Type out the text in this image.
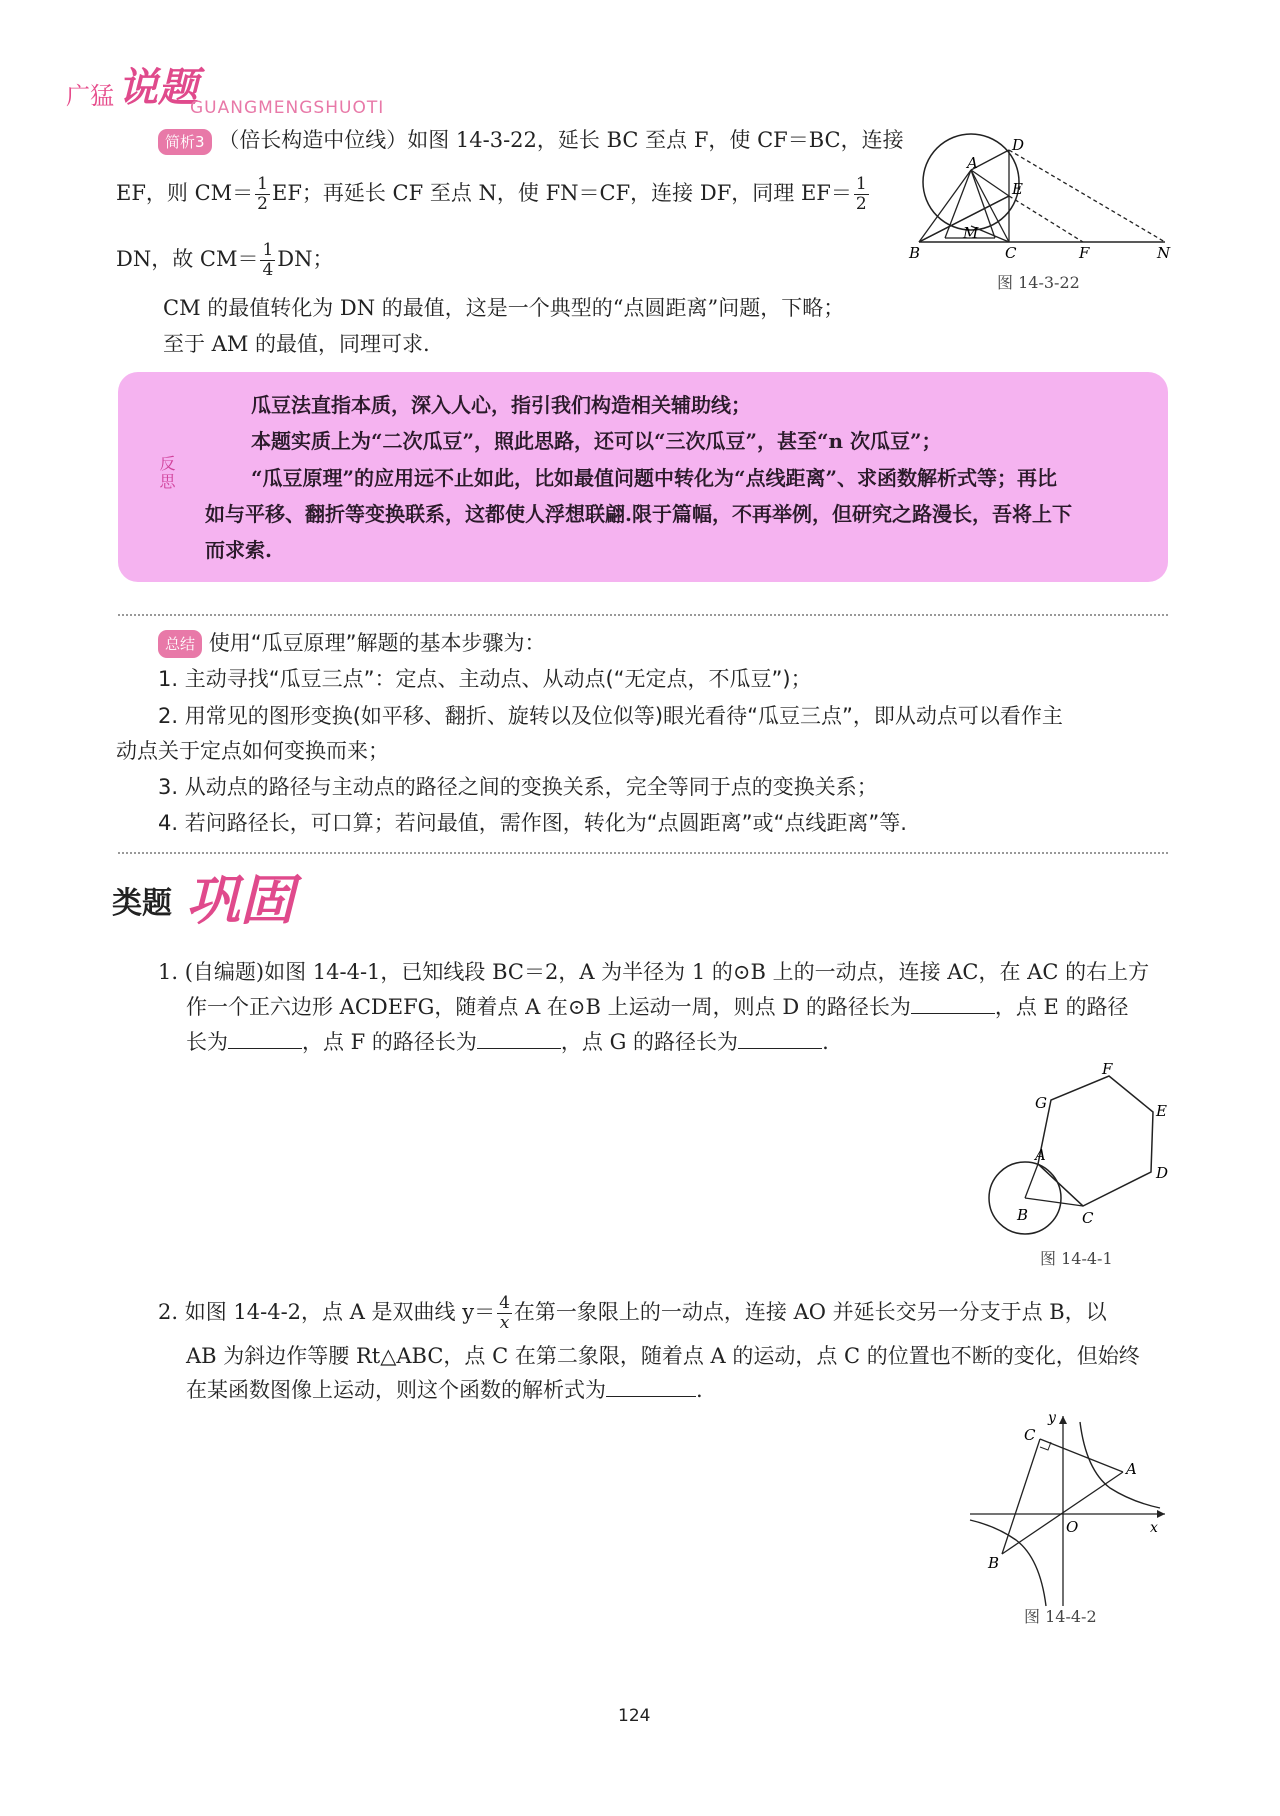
广猛 说题
GUANGMENGSHUOTI
简析3 （倍长构造中位线）如图 14-3-22，延长 BC 至点 F，使 CF＝BC，连接
EF，则 $CM= \frac{1}{2}$ EF；再延长 CF 至点 N，使 FN＝CF，连接 DF，同理 $EF= \frac{1}{2}$
DN，故 $CM= \frac{1}{4}$ DN；
CM 的最值转化为 DN 的最值，这是一个典型的“点圆距离”问题，下略；
至于 AM 的最值，同理可求.
A
B	C
D
E
F	N
M
图 14-3-22
反思
瓜豆法直指本质，深入人心，指引我们构造相关辅助线；
本题实质上为“二次瓜豆”，照此思路，还可以“三次瓜豆”，甚至“n 次瓜豆”；
“瓜豆原理”的应用远不止如此，比如最值问题中转化为“点线距离”、求函数解析式等；再比
如与平移、翻折等变换联系，这都使人浮想联翩.限于篇幅，不再举例，但研究之路漫长，吾将上下
而求索.
总结 使用“瓜豆原理”解题的基本步骤为：
1. 主动寻找“瓜豆三点”：定点、主动点、从动点(“无定点，不瓜豆”)；
2. 用常见的图形变换(如平移、翻折、旋转以及位似等)眼光看待“瓜豆三点”，即从动点可以看作主
动点关于定点如何变换而来；
3. 从动点的路径与主动点的路径之间的变换关系，完全等同于点的变换关系；
4. 若问路径长，可口算；若问最值，需作图，转化为“点圆距离”或“点线距离”等.
类题 巩固
1. (自编题)如图 14-4-1，已知线段 BC＝2，A 为半径为 1 的⊙B 上的一动点，连接 AC，在 AC 的右上方
作一个正六边形 ACDEFG，随着点 A 在⊙B 上运动一周，则点 D 的路径长为	，点 E 的路径
长为	，点 F 的路径长为	，点 G 的路径长为	.
F
G	E
A
D
B	C
图 14-4-1
2. 如图 14-4-2，点 A 是双曲线 $y= \frac{4}{x}$ 在第一象限上的一动点，连接 AO 并延长交另一分支于点 B，以
AB 为斜边作等腰 Rt△ABC，点 C 在第二象限，随着点 A 的运动，点 C 的位置也不断的变化，但始终
在某函数图像上运动，则这个函数的解析式为	.
y
C
A
O	x
B
图 14-4-2
124
